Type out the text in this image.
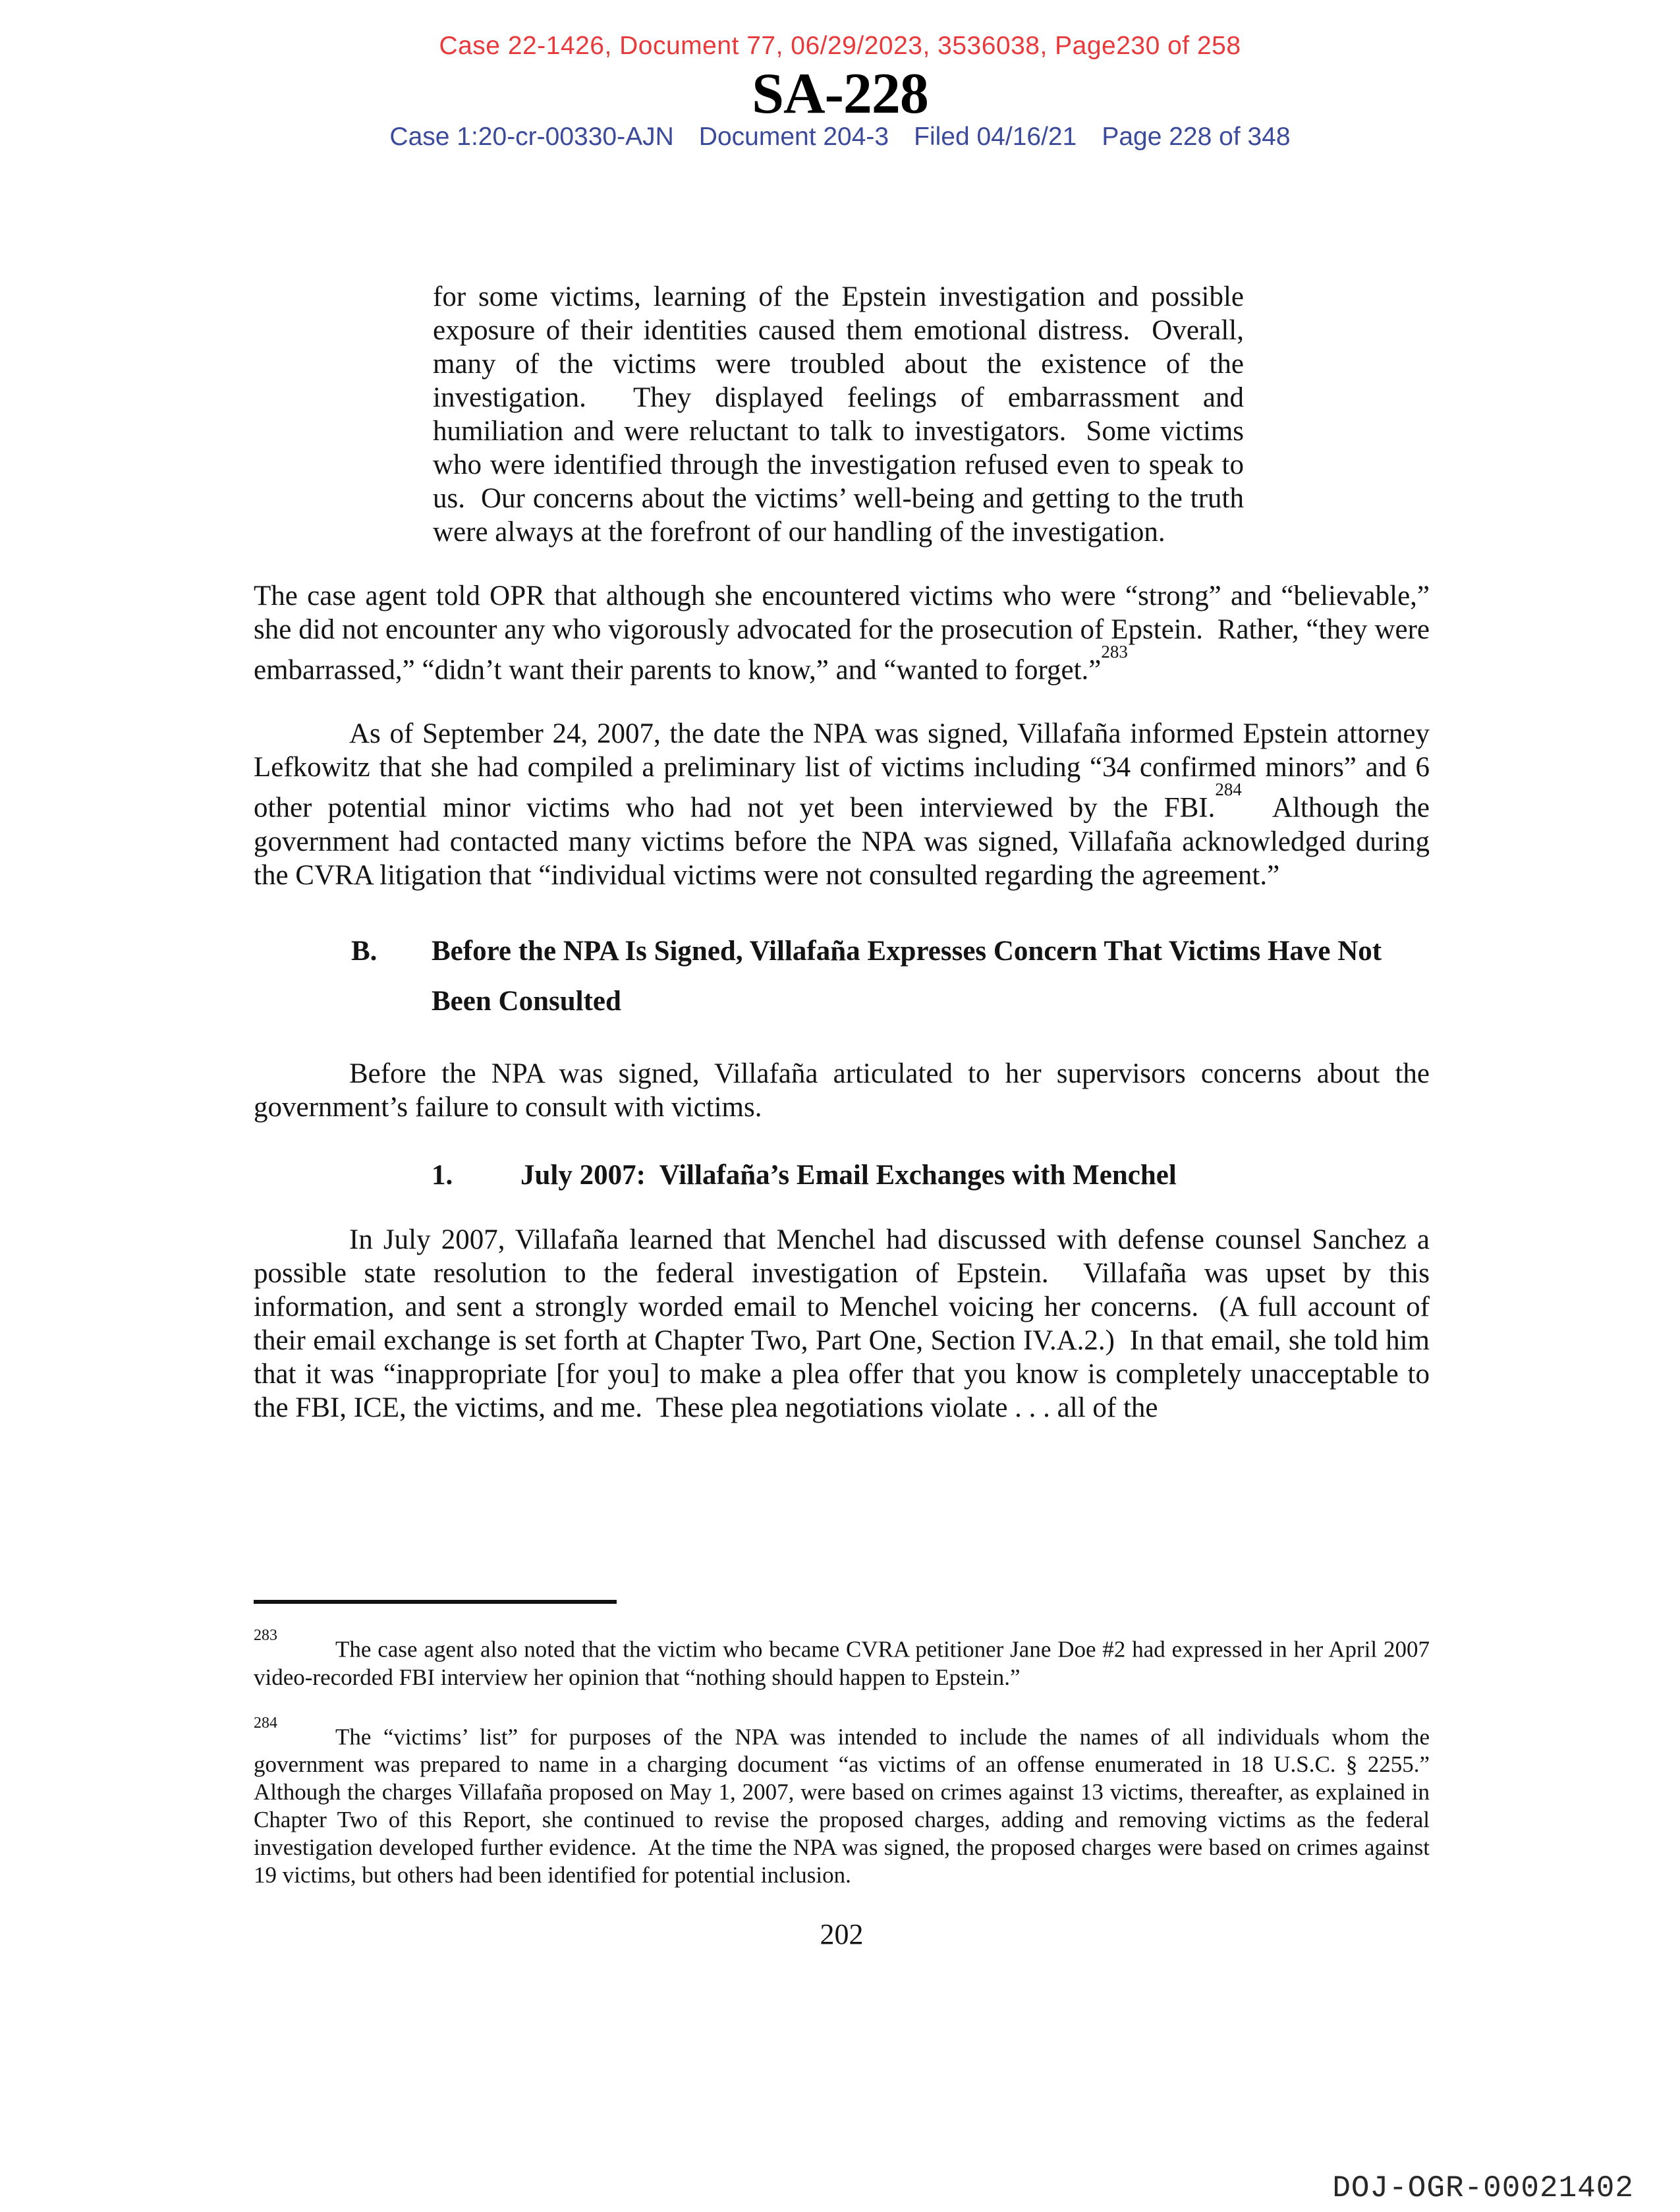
Case 22-1426, Document 77, 06/29/2023, 3536038, Page230 of 258
SA-228
Case 1:20-cr-00330-AJN Document 204-3 Filed 04/16/21 Page 228 of 348
for some victims, learning of the Epstein investigation and possible exposure of their identities caused them emotional distress.  Overall, many of the victims were troubled about the existence of the investigation.  They displayed feelings of embarrassment and humiliation and were reluctant to talk to investigators.  Some victims who were identified through the investigation refused even to speak to us.  Our concerns about the victims’ well-being and getting to the truth were always at the forefront of our handling of the investigation.
The case agent told OPR that although she encountered victims who were “strong” and “believable,” she did not encounter any who vigorously advocated for the prosecution of Epstein.  Rather, “they were embarrassed,” “didn’t want their parents to know,” and “wanted to forget.”$^{283}$
As of September 24, 2007, the date the NPA was signed, Villafaña informed Epstein attorney Lefkowitz that she had compiled a preliminary list of victims including “34 confirmed minors” and 6 other potential minor victims who had not yet been interviewed by the FBI.$^{284}$  Although the government had contacted many victims before the NPA was signed, Villafaña acknowledged during the CVRA litigation that “individual victims were not consulted regarding the agreement.”
B.	Before the NPA Is Signed, Villafaña Expresses Concern That Victims Have Not Been Consulted
Before the NPA was signed, Villafaña articulated to her supervisors concerns about the government’s failure to consult with victims.
1.	July 2007:  Villafaña’s Email Exchanges with Menchel
In July 2007, Villafaña learned that Menchel had discussed with defense counsel Sanchez a possible state resolution to the federal investigation of Epstein.  Villafaña was upset by this information, and sent a strongly worded email to Menchel voicing her concerns.  (A full account of their email exchange is set forth at Chapter Two, Part One, Section IV.A.2.)  In that email, she told him that it was “inappropriate [for you] to make a plea offer that you know is completely unacceptable to the FBI, ICE, the victims, and me.  These plea negotiations violate . . . all of the
$^{283}$The case agent also noted that the victim who became CVRA petitioner Jane Doe #2 had expressed in her April 2007 video-recorded FBI interview her opinion that “nothing should happen to Epstein.”
$^{284}$The “victims’ list” for purposes of the NPA was intended to include the names of all individuals whom the government was prepared to name in a charging document “as victims of an offense enumerated in 18 U.S.C. § 2255.”  Although the charges Villafaña proposed on May 1, 2007, were based on crimes against 13 victims, thereafter, as explained in Chapter Two of this Report, she continued to revise the proposed charges, adding and removing victims as the federal investigation developed further evidence.  At the time the NPA was signed, the proposed charges were based on crimes against 19 victims, but others had been identified for potential inclusion.
202
DOJ-OGR-00021402
